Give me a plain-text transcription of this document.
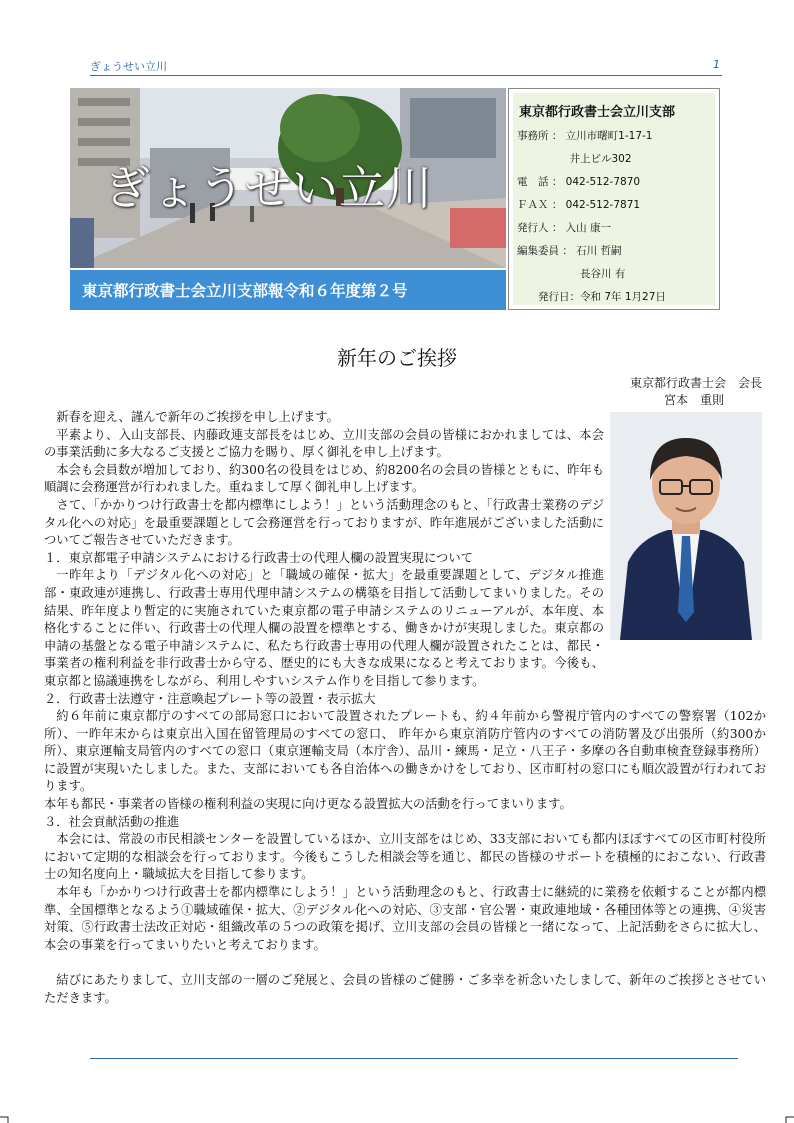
ぎょうせい立川	1
ぎょうせい立川
東京都行政書士会立川支部報令和６年度第２号
東京都行政書士会立川支部
事務所 ： 立川市曙町1-17-1
　　　　　井上ビル302
電　話 ： 042-512-7870
ＦＡＸ ： 042-512-7871
発行人 ： 入山 康一
編集委員 ： 石川 哲嗣
　　　　　　長谷川 有
　　発行日：令和 7年 1月27日
新年のご挨拶
東京都行政書士会　会長
宮本　重則

新春を迎え、謹んで新年のご挨拶を申し上げます。

平素より、入山支部長、内藤政連支部長をはじめ、立川支部の会員の皆様におかれましては、本会の事業活動に多大なるご支援とご協力を賜り、厚く御礼を申し上げます。

本会も会員数が増加しており、約300名の役員をはじめ、約8200名の会員の皆様とともに、昨年も順調に会務運営が行われました。重ねまして厚く御礼申し上げます。

　さて、「かかりつけ行政書士を都内標準にしよう！」という活動理念のもと、「行政書士業務のデジタル化への対応」を最重要課題として会務運営を行っておりますが、昨年進展がございました活動についてご報告させていただきます。

１．東京都電子申請システムにおける行政書士の代理人欄の設置実現について

一昨年より「デジタル化への対応」と「職域の確保・拡大」を最重要課題として、デジタル推進部・東政連が連携し、行政書士専用代理申請システムの構築を目指して活動してまいりました。その結果、昨年度より暫定的に実施されていた東京都の電子申請システムのリニューアルが、本年度、本格化することに伴い、行政書士の代理人欄の設置を標準とする、働きかけが実現しました。東京都の申請の基盤となる電子申請システムに、私たち行政書士専用の代理人欄が設置されたことは、都民・事業者の権利利益を非行政書士から守る、歴史的にも大きな成果になると考えております。今後も、東京都と協議連携をしながら、利用しやすいシステム作りを目指して参ります。

２．行政書士法遵守・注意喚起プレート等の設置・表示拡大

約６年前に東京都庁のすべての部局窓口において設置されたプレートも、約４年前から警視庁管内のすべての警察署（102か所）、一昨年末からは東京出入国在留管理局のすべての窓口、 昨年から東京消防庁管内のすべての消防署及び出張所（約300か所）、東京運輸支局管内のすべての窓口（東京運輸支局（本庁舎）、品川・練馬・足立・八王子・多摩の各自動車検査登録事務所）に設置が実現いたしました。また、支部においても各自治体への働きかけをしており、区市町村の窓口にも順次設置が行われております。

本年も都民・事業者の皆様の権利利益の実現に向け更なる設置拡大の活動を行ってまいります。

３．社会貢献活動の推進

本会には、常設の市民相談センターを設置しているほか、立川支部をはじめ、33支部においても都内ほぼすべての区市町村役所において定期的な相談会を行っております。今後もこうした相談会等を通じ、都民の皆様のサポートを積極的におこない、行政書士の知名度向上・職域拡大を目指して参ります。

本年も「かかりつけ行政書士を都内標準にしよう！」という活動理念のもと、行政書士に継続的に業務を依頼することが都内標準、全国標準となるよう①職域確保・拡大、②デジタル化への対応、③支部・官公署・東政連地域・各種団体等との連携、④災害対策、⑤行政書士法改正対応・組織改革の５つの政策を掲げ、立川支部の会員の皆様と一緒になって、上記活動をさらに拡大し、本会の事業を行ってまいりたいと考えております。

結びにあたりまして、立川支部の一層のご発展と、会員の皆様のご健勝・ご多幸を祈念いたしまして、新年のご挨拶とさせていただきます。
